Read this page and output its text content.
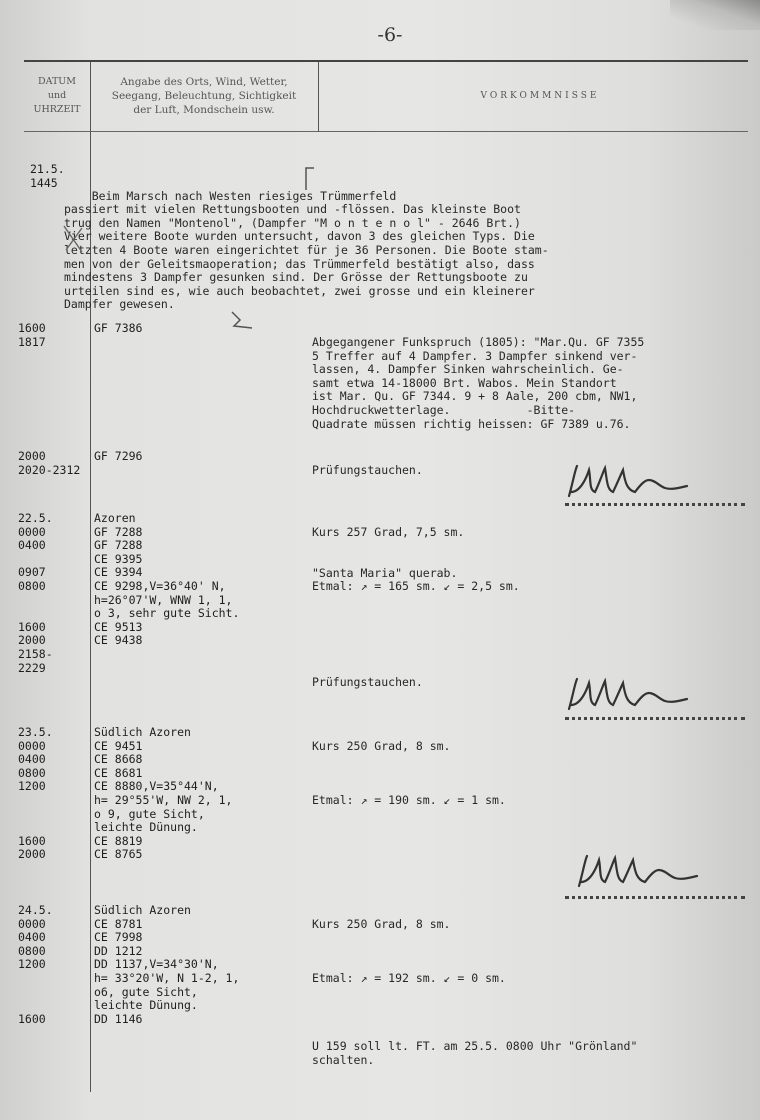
-6-
DATUM
und
UHRZEIT
Angabe des Orts, Wind, Wetter,
Seegang, Beleuchtung, Sichtigkeit
der Luft, Mondschein usw.
VORKOMMNISSE
21.5.
1445

Beim Marsch nach Westen riesiges Trümmerfeld
passiert mit vielen Rettungsbooten und -flössen. Das kleinste Boot
trug den Namen "Montenol", (Dampfer "M o n t e n o l" - 2646 Brt.)
Vier weitere Boote wurden untersucht, davon 3 des gleichen Typs. Die
letzten 4 Boote waren eingerichtet für je 36 Personen. Die Boote stam-
men von der Geleitsmaoperation; das Trümmerfeld bestätigt also, dass
mindestens 3 Dampfer gesunken sind. Der Grösse der Rettungsboote zu
urteilen sind es, wie auch beobachtet, zwei grosse und ein kleinerer
Dampfer gewesen.

1600
1817
GF 7386
Abgegangener Funkspruch (1805): "Mar.Qu. GF 7355
5 Treffer auf 4 Dampfer. 3 Dampfer sinkend ver-
lassen, 4. Dampfer Sinken wahrscheinlich. Ge-
samt etwa 14-18000 Brt. Wabos. Mein Standort
ist Mar. Qu. GF 7344. 9 + 8 Aale, 200 cbm, NW1,
Hochdruckwetterlage.           -Bitte-
Quadrate müssen richtig heissen: GF 7389 u.76.
2000
2020-2312
GF 7296
Prüfungstauchen.
22.5.
0000
0400

0907
0800

1600
2000
2158-
2229
Azoren
GF 7288
GF 7288
CE 9395
CE 9394
CE 9298,V=36°40' N,
h=26°07'W, WNW 1, 1,
o 3, sehr gute Sicht.
CE 9513
CE 9438
Kurs 257 Grad, 7,5 sm.

"Santa Maria" querab.
Etmal: ↗ = 165 sm. ↙ = 2,5 sm.

Prüfungstauchen.
23.5.
0000
0400
0800
1200

1600
2000
Südlich Azoren
CE 9451
CE 8668
CE 8681
CE 8880,V=35°44'N,
h= 29°55'W, NW 2, 1,
o 9, gute Sicht,
leichte Dünung.
CE 8819
CE 8765
Kurs 250 Grad, 8 sm.

Etmal: ↗ = 190 sm. ↙ = 1 sm.
24.5.
0000
0400
0800
1200

1600
Südlich Azoren
CE 8781
CE 7998
DD 1212
DD 1137,V=34°30'N,
h= 33°20'W, N 1-2, 1,
o6, gute Sicht,
leichte Dünung.
DD 1146
Kurs 250 Grad, 8 sm.

Etmal: ↗ = 192 sm. ↙ = 0 sm.

U 159 soll lt. FT. am 25.5. 0800 Uhr "Grönland"
schalten.
